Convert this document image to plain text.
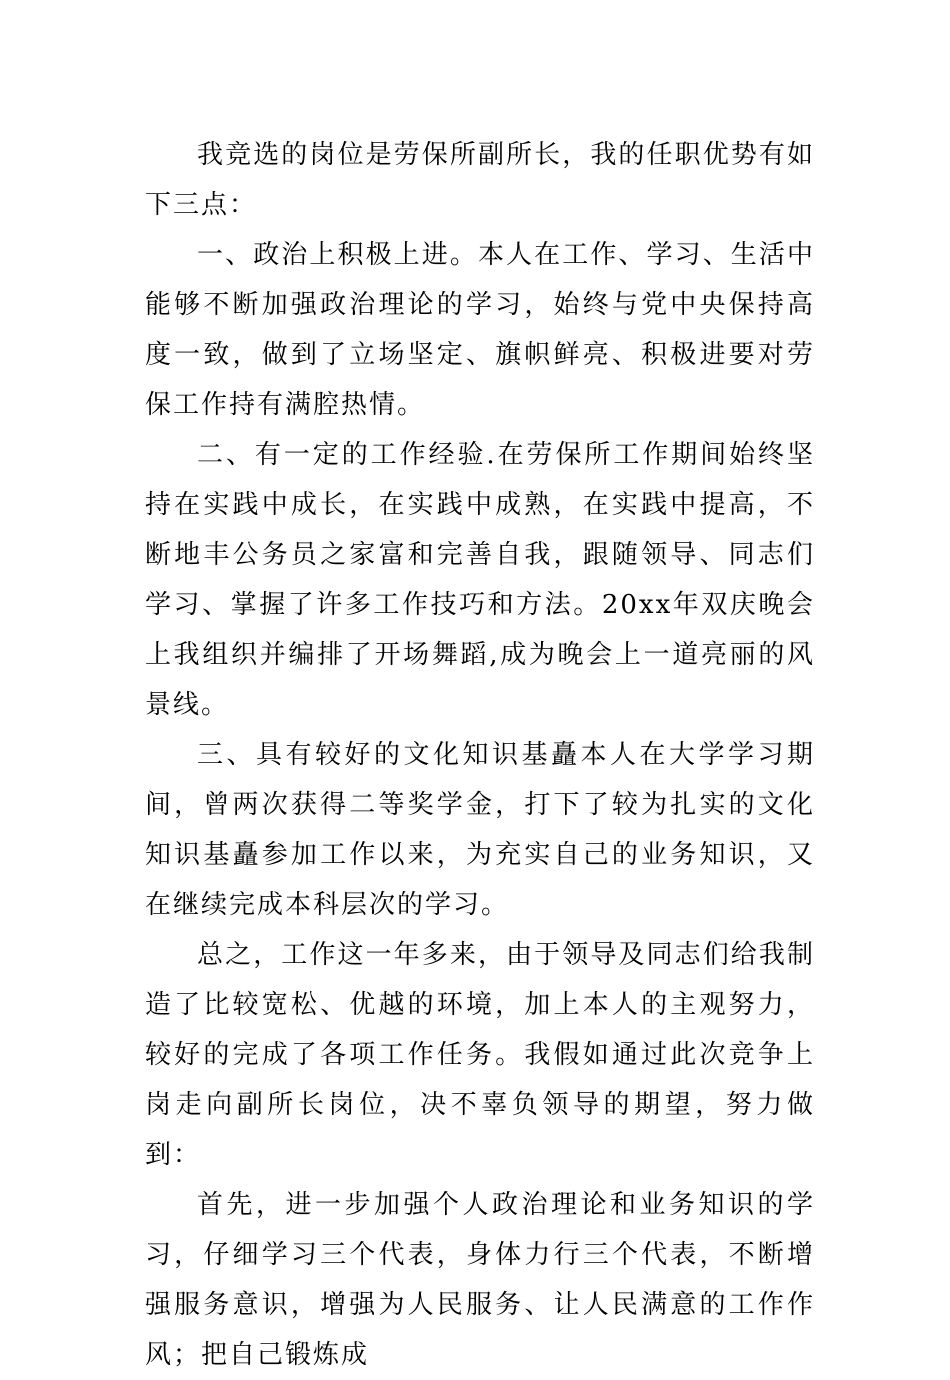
我竞选的岗位是劳保所副所长，我的任职优势有如下三点：

一、政治上积极上进。本人在工作、学习、生活中能够不断加强政治理论的学习，始终与党中央保持高度一致，做到了立场坚定、旗帜鲜亮、积极进要对劳保工作持有满腔热情。

二、有一定的工作经验.在劳保所工作期间始终坚持在实践中成长，在实践中成熟，在实践中提高，不断地丰公务员之家富和完善自我，跟随领导、同志们学习、掌握了许多工作技巧和方法。20xx年双庆晚会上我组织并编排了开场舞蹈,成为晚会上一道亮丽的风景线。

三、具有较好的文化知识基矗本人在大学学习期间，曾两次获得二等奖学金，打下了较为扎实的文化知识基矗参加工作以来，为充实自己的业务知识，又在继续完成本科层次的学习。

总之，工作这一年多来，由于领导及同志们给我制造了比较宽松、优越的环境，加上本人的主观努力，较好的完成了各项工作任务。我假如通过此次竞争上岗走向副所长岗位，决不辜负领导的期望，努力做到：

首先，进一步加强个人政治理论和业务知识的学习，仔细学习三个代表，身体力行三个代表，不断增强服务意识，增强为人民服务、让人民满意的工作作风；把自己锻炼成
